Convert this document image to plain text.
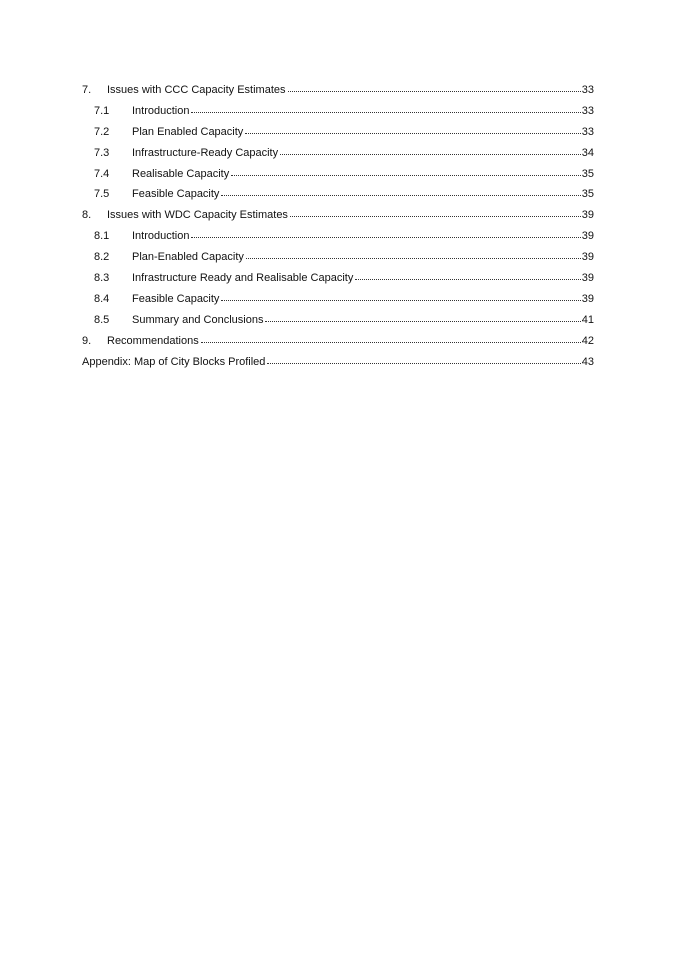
7.	Issues with CCC Capacity Estimates	33
7.1	Introduction	33
7.2	Plan Enabled Capacity	33
7.3	Infrastructure-Ready Capacity	34
7.4	Realisable Capacity	35
7.5	Feasible Capacity	35
8.	Issues with WDC Capacity Estimates	39
8.1	Introduction	39
8.2	Plan-Enabled Capacity	39
8.3	Infrastructure Ready and Realisable Capacity	39
8.4	Feasible Capacity	39
8.5	Summary and Conclusions	41
9.	Recommendations	42
Appendix: Map of City Blocks Profiled	43
